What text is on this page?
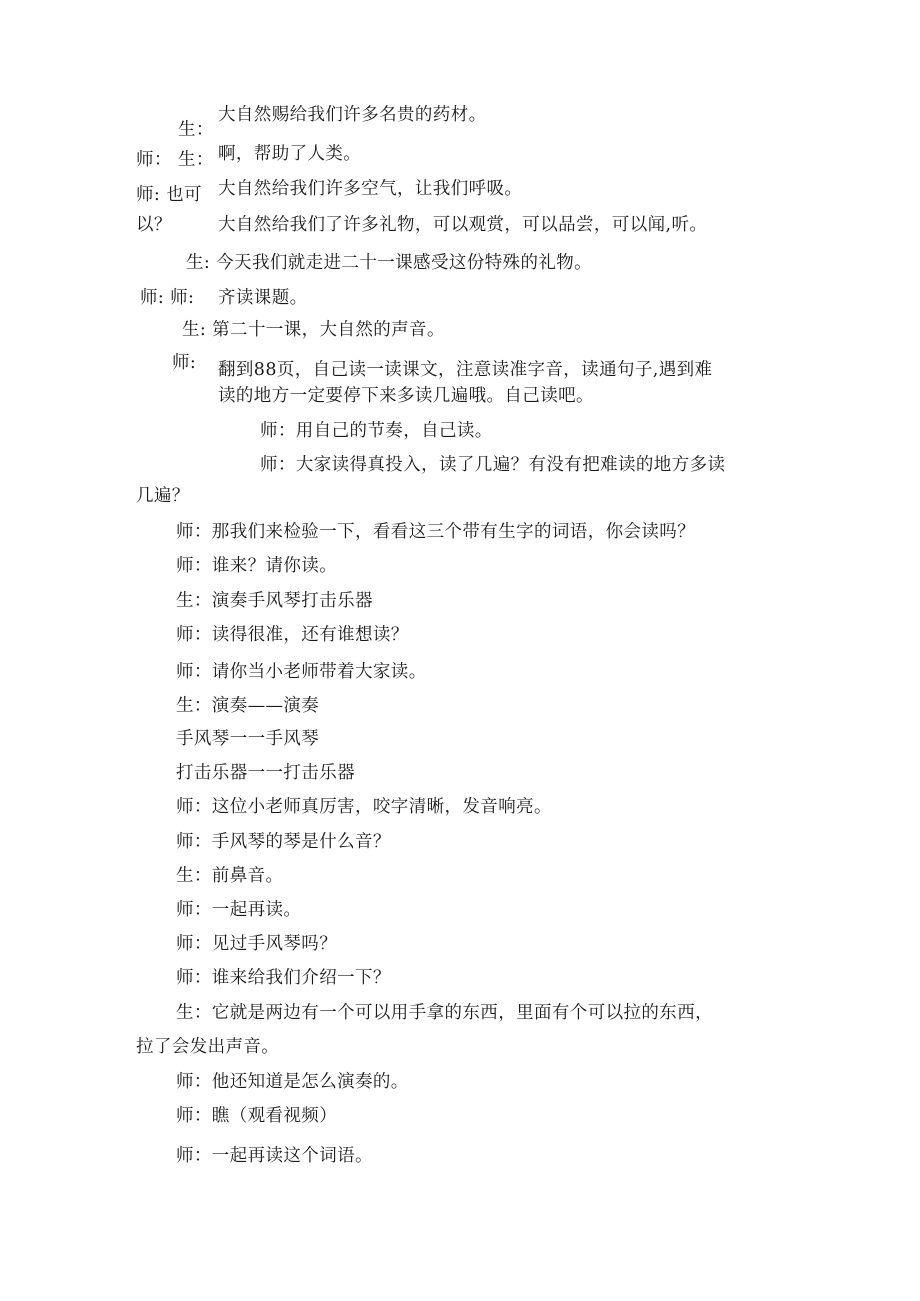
大自然赐给我们许多名贵的药材。
生：
啊，帮助了人类。
师： 生：
大自然给我们许多空气，让我们呼吸。
师: 也可
大自然给我们了许多礼物，可以观赏，可以品尝，可以闻,听。
以？
生: 今天我们就走进二十一课感受这份特殊的礼物。
师: 师: 齐读课题。
生: 第二十一课，大自然的声音。
师: 翻到88页，自己读一读课文，注意读准字音，读通句子,遇到难
读的地方一定要停下来多读几遍哦。自己读吧。
师：用自己的节奏，自己读。
师：大家读得真投入，读了几遍？有没有把难读的地方多读
几遍？
师：那我们来检验一下，看看这三个带有生字的词语，你会读吗？
师：谁来？请你读。
生：演奏手风琴打击乐器
师：读得很准，还有谁想读？
师：请你当小老师带着大家读。
生：演奏——演奏
手风琴一一手风琴
打击乐器一一打击乐器
师：这位小老师真厉害，咬字清晰，发音响亮。
师：手风琴的琴是什么音？
生：前鼻音。
师：一起再读。
师：见过手风琴吗？
师：谁来给我们介绍一下？
生：它就是两边有一个可以用手拿的东西，里面有个可以拉的东西，
拉了会发出声音。
师：他还知道是怎么演奏的。
师：瞧（观看视频）
师：一起再读这个词语。
